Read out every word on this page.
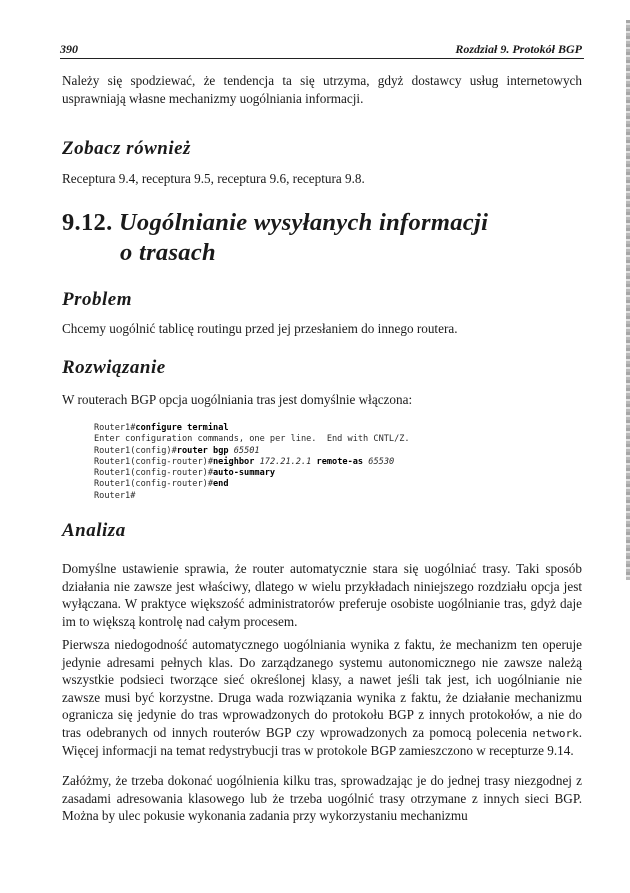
390	Rozdział 9. Protokół BGP

Należy się spodziewać, że tendencja ta się utrzyma, gdyż dostawcy usług internetowych usprawniają własne mechanizmy uogólniania informacji.

Zobacz również

Receptura 9.4, receptura 9.5, receptura 9.6, receptura 9.8.

9.12. Uogólnianie wysyłanych informacji
o trasach
Problem

Chcemy uogólnić tablicę routingu przed jej przesłaniem do innego routera.

Rozwiązanie

W routerach BGP opcja uogólniania tras jest domyślnie włączona:

Router1#configure terminal
Enter configuration commands, one per line.  End with CNTL/Z.
Router1(config)#router bgp 65501
Router1(config-router)#neighbor 172.21.2.1 remote-as 65530
Router1(config-router)#auto-summary
Router1(config-router)#end
Router1#
Analiza

Domyślne ustawienie sprawia, że router automatycznie stara się uogólniać trasy. Taki sposób działania nie zawsze jest właściwy, dlatego w wielu przykładach niniejszego rozdziału opcja jest wyłączana. W praktyce większość administratorów preferuje osobiste uogólnianie tras, gdyż daje im to większą kontrolę nad całym procesem.

Pierwsza niedogodność automatycznego uogólniania wynika z faktu, że mechanizm ten operuje jedynie adresami pełnych klas. Do zarządzanego systemu autonomicznego nie zawsze należą wszystkie podsieci tworzące sieć określonej klasy, a nawet jeśli tak jest, ich uogólnianie nie zawsze musi być korzystne. Druga wada rozwiązania wynika z faktu, że działanie mechanizmu ogranicza się jedynie do tras wprowadzonych do protokołu BGP z innych protokołów, a nie do tras odebranych od innych routerów BGP czy wprowadzonych za pomocą polecenia network. Więcej informacji na temat redystrybucji tras w protokole BGP zamieszczono w recepturze 9.14.

Załóżmy, że trzeba dokonać uogólnienia kilku tras, sprowadzając je do jednej trasy niezgodnej z zasadami adresowania klasowego lub że trzeba uogólnić trasy otrzymane z innych sieci BGP. Można by ulec pokusie wykonania zadania przy wykorzystaniu mechanizmu
